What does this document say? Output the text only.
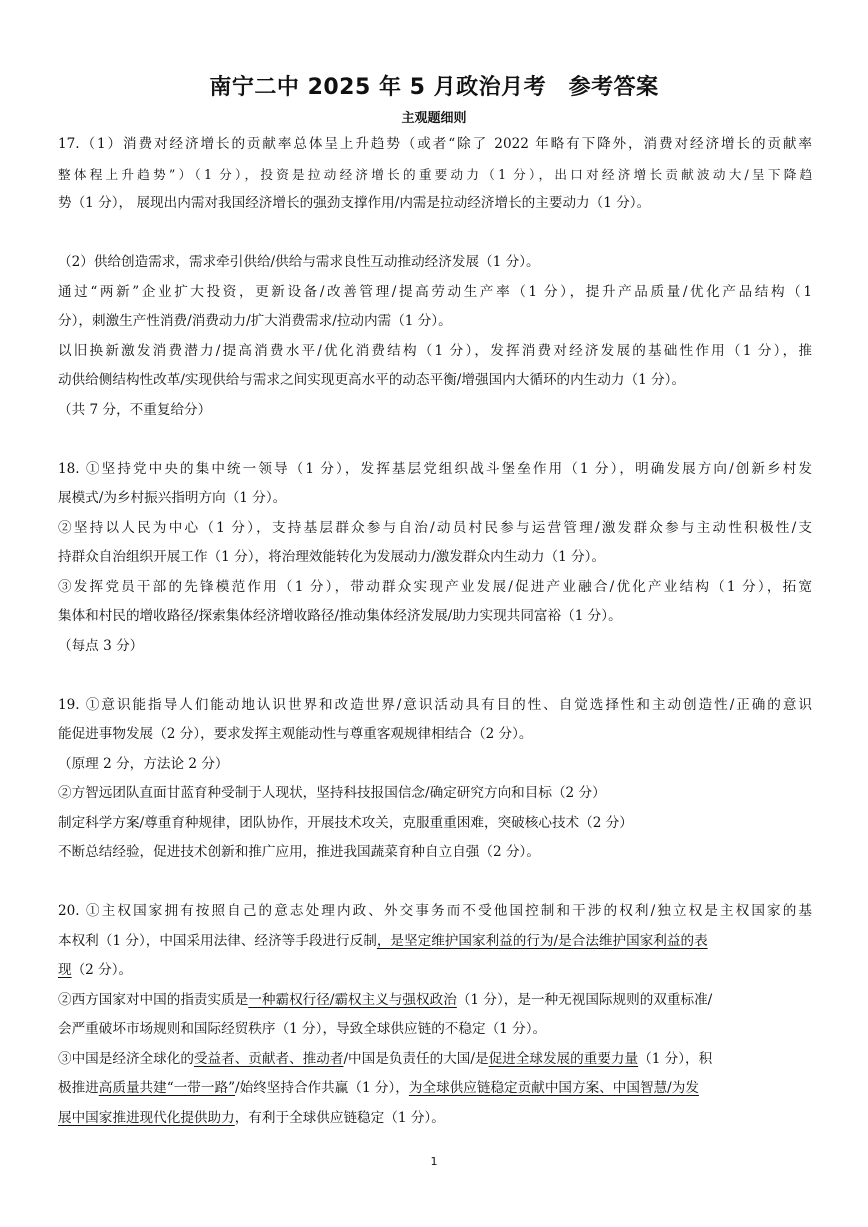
南宁二中 2025 年 5 月政治月考　参考答案
主观题细则
17.（1）消费对经济增长的贡献率总体呈上升趋势（或者“除了 2022 年略有下降外，消费对经济增长的贡献率
整体程上升趋势”）（1 分），投资是拉动经济增长的重要动力（1 分），出口对经济增长贡献波动大/呈下降趋
势（1 分）， 展现出内需对我国经济增长的强劲支撑作用/内需是拉动经济增长的主要动力（1 分）。
（2）供给创造需求，需求牵引供给/供给与需求良性互动推动经济发展（1 分）。
通过“两新”企业扩大投资，更新设备/改善管理/提高劳动生产率（1 分），提升产品质量/优化产品结构（1
分），刺激生产性消费/消费动力/扩大消费需求/拉动内需（1 分）。
以旧换新激发消费潜力/提高消费水平/优化消费结构（1 分），发挥消费对经济发展的基础性作用（1 分），推
动供给侧结构性改革/实现供给与需求之间实现更高水平的动态平衡/增强国内大循环的内生动力（1 分）。
（共 7 分，不重复给分）
18. ①坚持党中央的集中统一领导（1 分），发挥基层党组织战斗堡垒作用（1 分），明确发展方向/创新乡村发
展模式/为乡村振兴指明方向（1 分）。
②坚持以人民为中心（1 分），支持基层群众参与自治/动员村民参与运营管理/激发群众参与主动性积极性/支
持群众自治组织开展工作（1 分），将治理效能转化为发展动力/激发群众内生动力（1 分）。
③发挥党员干部的先锋模范作用（1 分），带动群众实现产业发展/促进产业融合/优化产业结构（1 分），拓宽
集体和村民的增收路径/探索集体经济增收路径/推动集体经济发展/助力实现共同富裕（1 分）。
（每点 3 分）
19. ①意识能指导人们能动地认识世界和改造世界/意识活动具有目的性、自觉选择性和主动创造性/正确的意识
能促进事物发展（2 分），要求发挥主观能动性与尊重客观规律相结合（2 分）。
（原理 2 分，方法论 2 分）
②方智远团队直面甘蓝育种受制于人现状，坚持科技报国信念/确定研究方向和目标（2 分）
制定科学方案/尊重育种规律，团队协作，开展技术攻关，克服重重困难，突破核心技术（2 分）
不断总结经验，促进技术创新和推广应用，推进我国蔬菜育种自立自强（2 分）。
20. ①主权国家拥有按照自己的意志处理内政、外交事务而不受他国控制和干涉的权利/独立权是主权国家的基
本权利（1 分），中国采用法律、经济等手段进行反制，是坚定维护国家利益的行为/是合法维护国家利益的表
现（2 分）。
②西方国家对中国的指责实质是一种霸权行径/霸权主义与强权政治（1 分），是一种无视国际规则的双重标准/
会严重破坏市场规则和国际经贸秩序（1 分），导致全球供应链的不稳定（1 分）。
③中国是经济全球化的受益者、贡献者、推动者/中国是负责任的大国/是促进全球发展的重要力量（1 分），积
极推进高质量共建“一带一路”/始终坚持合作共赢（1 分），为全球供应链稳定贡献中国方案、中国智慧/为发
展中国家推进现代化提供助力，有利于全球供应链稳定（1 分）。
1
